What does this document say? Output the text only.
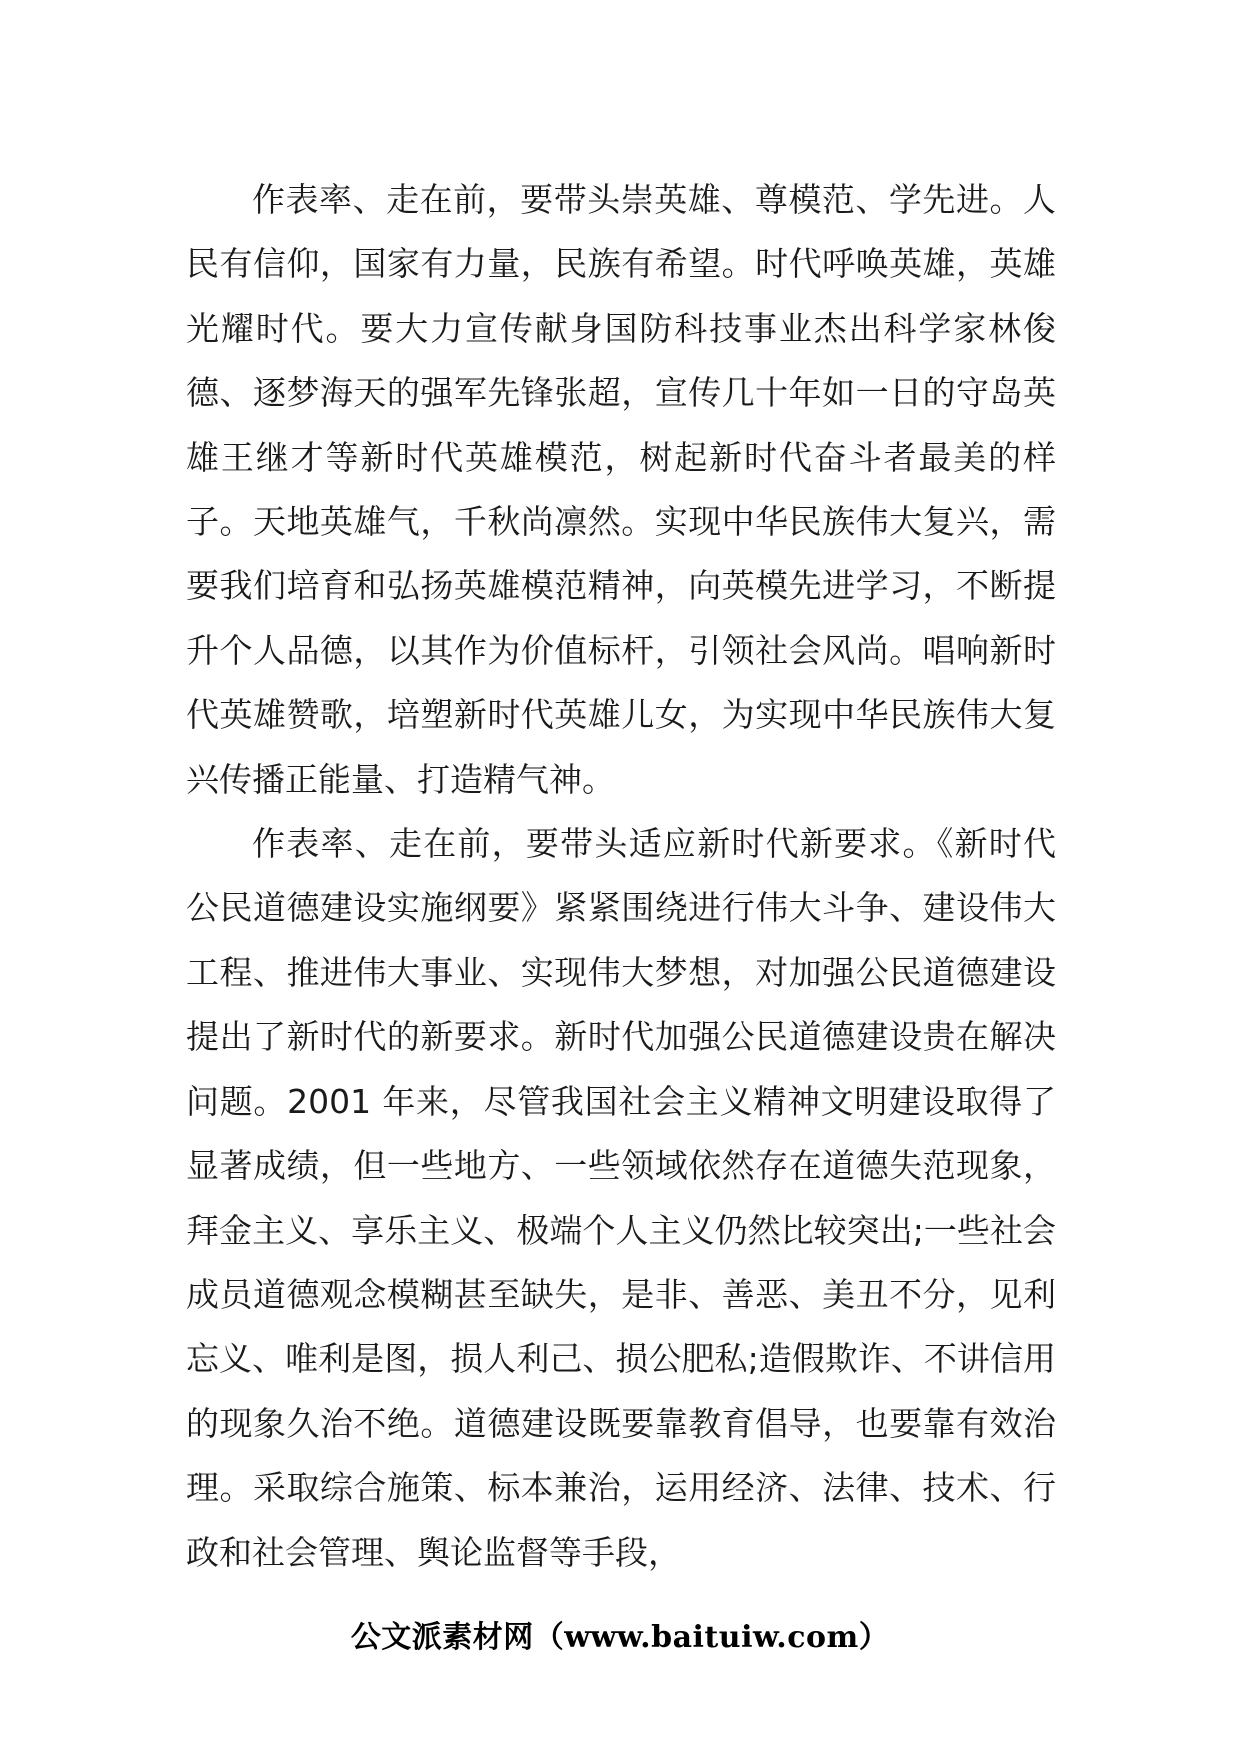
作表率、走在前，要带头崇英雄、尊模范、学先进。人民有信仰，国家有力量，民族有希望。时代呼唤英雄，英雄光耀时代。要大力宣传献身国防科技事业杰出科学家林俊德、逐梦海天的强军先锋张超，宣传几十年如一日的守岛英雄王继才等新时代英雄模范，树起新时代奋斗者最美的样子。天地英雄气，千秋尚凛然。实现中华民族伟大复兴，需要我们培育和弘扬英雄模范精神，向英模先进学习，不断提升个人品德，以其作为价值标杆，引领社会风尚。唱响新时代英雄赞歌，培塑新时代英雄儿女，为实现中华民族伟大复兴传播正能量、打造精气神。

作表率、走在前，要带头适应新时代新要求。《新时代公民道德建设实施纲要》紧紧围绕进行伟大斗争、建设伟大工程、推进伟大事业、实现伟大梦想，对加强公民道德建设提出了新时代的新要求。新时代加强公民道德建设贵在解决问题。2001 年来，尽管我国社会主义精神文明建设取得了显著成绩，但一些地方、一些领域依然存在道德失范现象，拜金主义、享乐主义、极端个人主义仍然比较突出;一些社会成员道德观念模糊甚至缺失，是非、善恶、美丑不分，见利忘义、唯利是图，损人利己、损公肥私;造假欺诈、不讲信用的现象久治不绝。道德建设既要靠教育倡导，也要靠有效治理。采取综合施策、标本兼治，运用经济、法律、技术、行政和社会管理、舆论监督等手段，

公文派素材网（www.baituiw.com）
